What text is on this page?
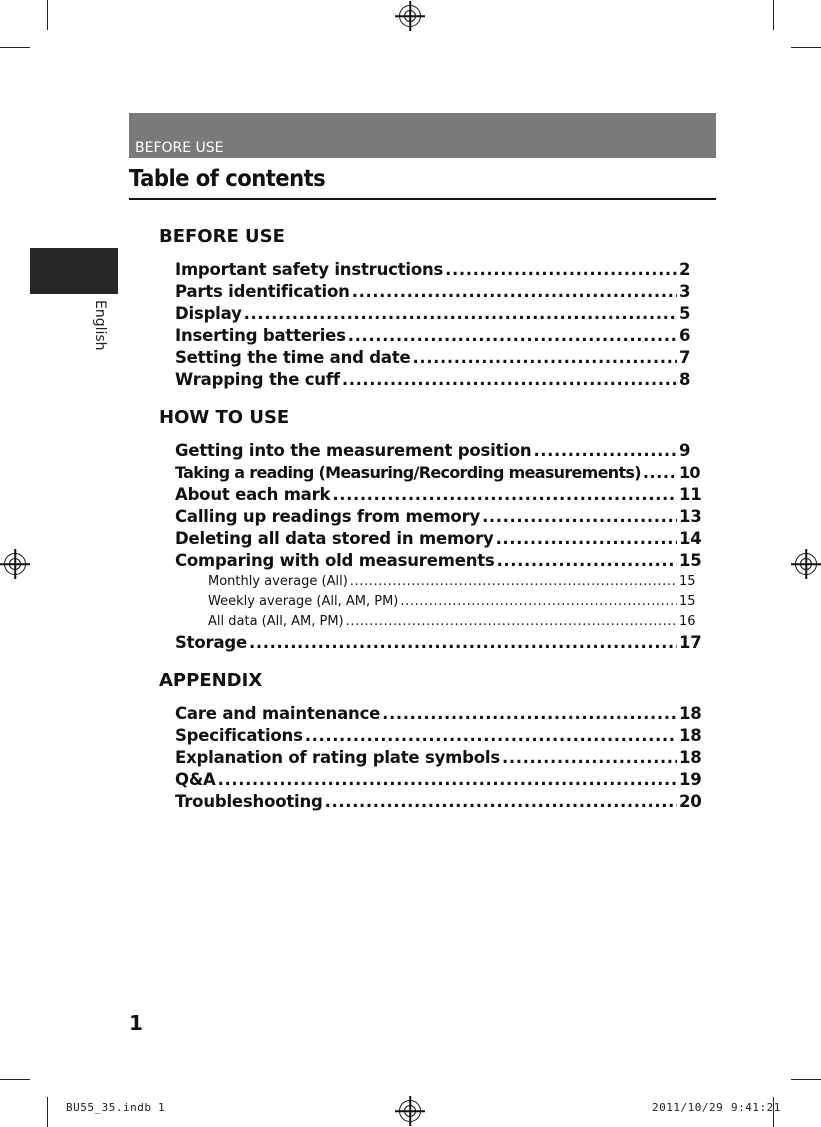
BEFORE USE
Table of contents
English
BEFORE USE
Important safety instructions .....	2
Parts identification .....	3
Display .....	5
Inserting batteries .....	6
Setting the time and date .....	7
Wrapping the cuff .....	8
HOW TO USE
Getting into the measurement position .....	9
Taking a reading (Measuring/Recording measurements) ..... 10
About each mark .....	11
Calling up readings from memory .....	13
Deleting all data stored in memory .....	14
Comparing with old measurements .....	15
Monthly average (All) .....	15
Weekly average (All, AM, PM) .....	15
All data (All, AM, PM) .....	16
Storage .....	17
APPENDIX
Care and maintenance .....	18
Specifications .....	18
Explanation of rating plate symbols .....	18
Q&A .....	19
Troubleshooting .....	20
1
BU55_35.indb 1	2011/10/29 9:41:21
